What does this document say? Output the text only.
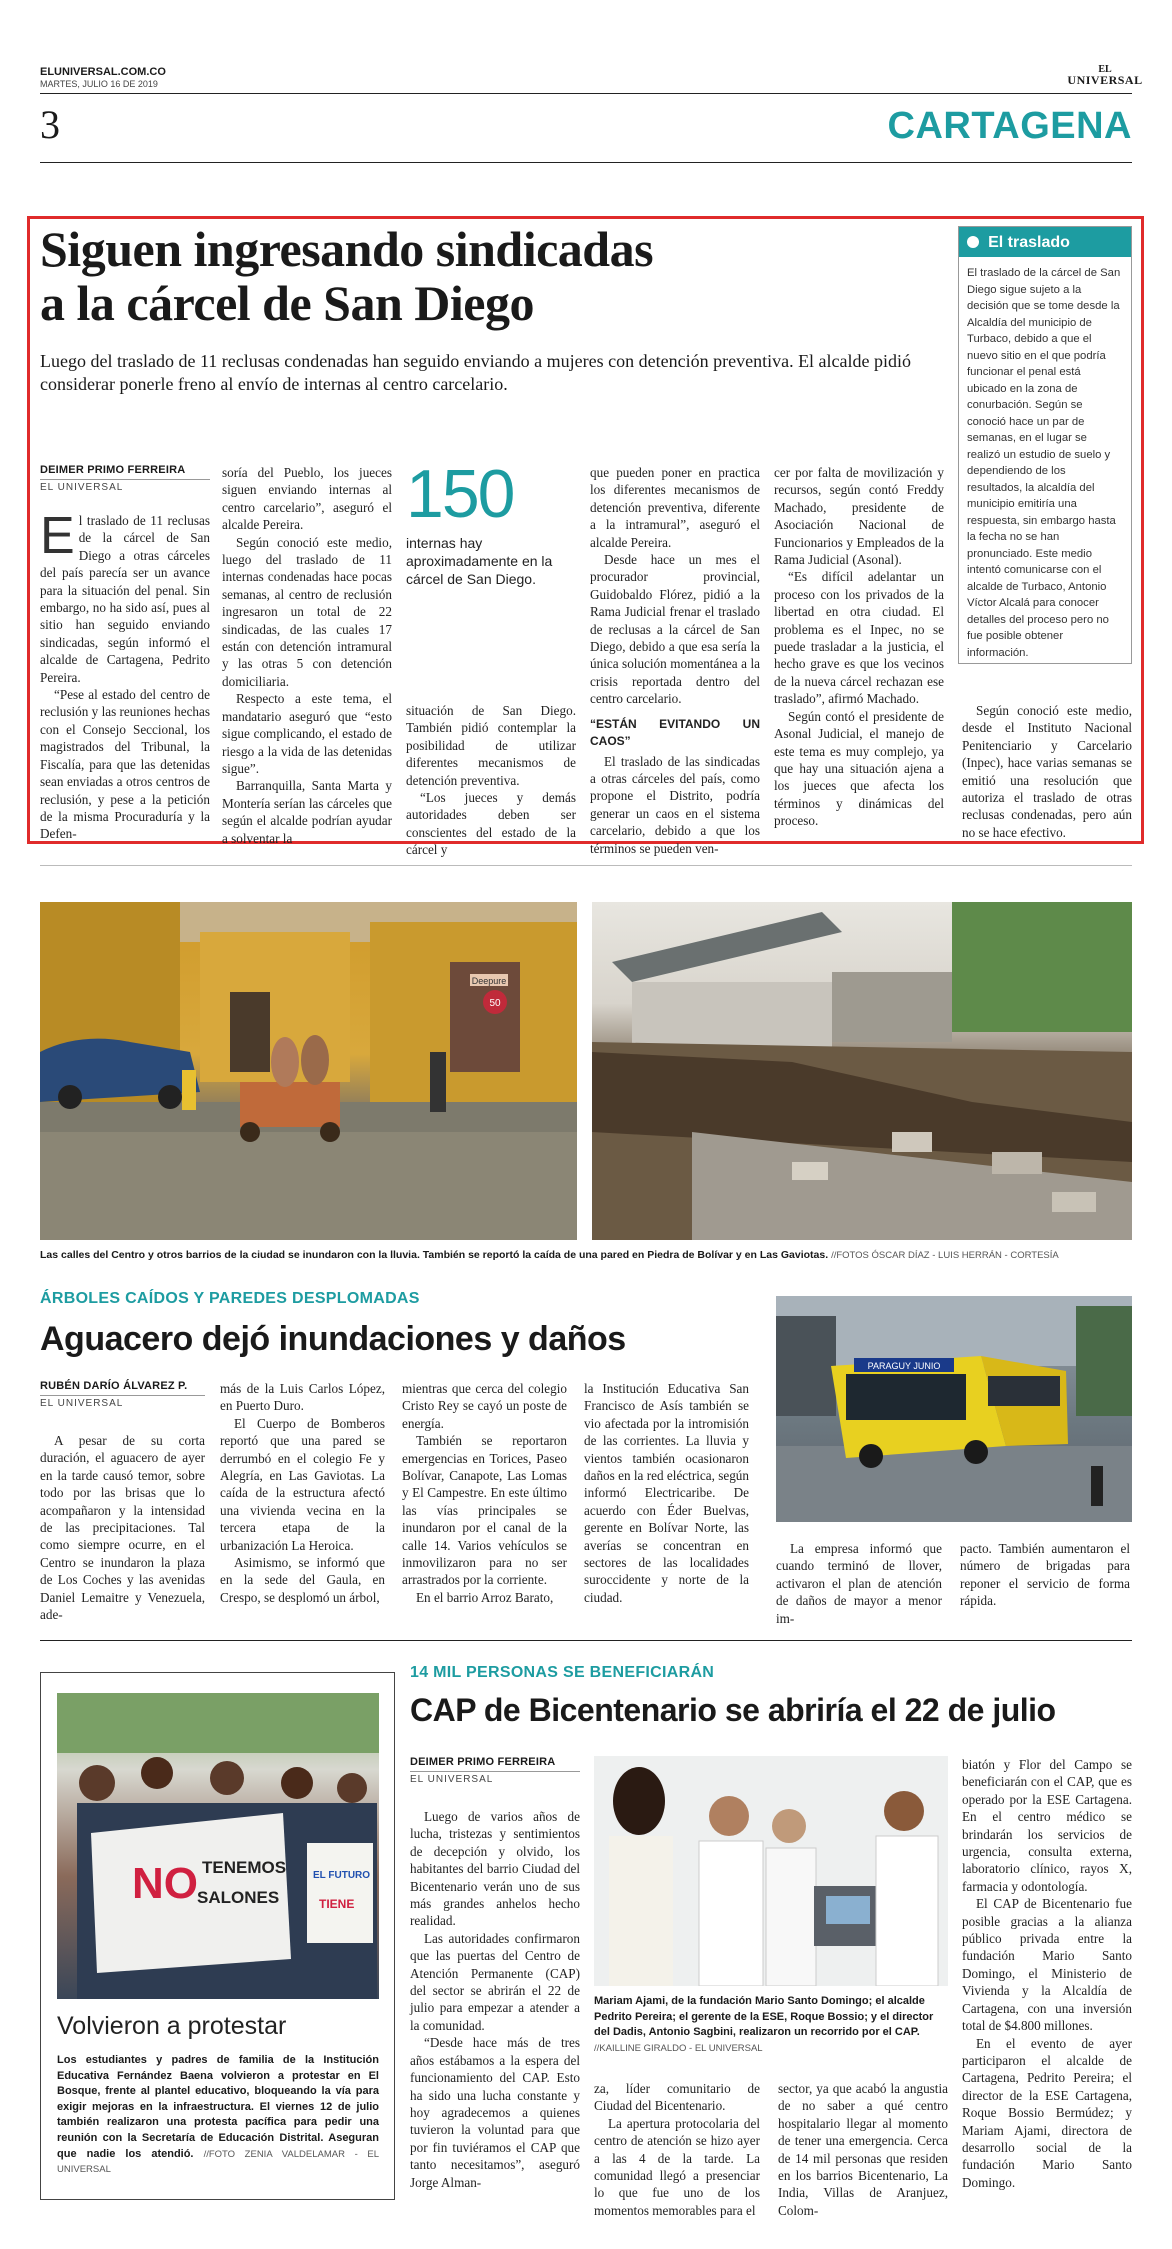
ELUNIVERSAL.COM.CO
MARTES, JULIO 16 DE 2019
EL
UNIVERSAL
3	CARTAGENA
Siguen ingresando sindicadas
a la cárcel de San Diego
Luego del traslado de 11 reclusas condenadas han seguido enviando a mujeres con detención preventiva. El alcalde pidió considerar ponerle freno al envío de internas al centro carcelario.
DEIMER PRIMO FERREIRA
EL UNIVERSAL

El traslado de 11 reclusas de la cárcel de San Diego a otras cárceles del país parecía ser un avance para la situación del penal. Sin embargo, no ha sido así, pues al sitio han seguido enviando sindicadas, según informó el alcalde de Cartagena, Pedrito Pereira.

“Pese al estado del centro de reclusión y las reuniones hechas con el Consejo Seccional, los magistrados del Tribunal, la Fiscalía, para que las detenidas sean enviadas a otros centros de reclusión, y pese a la petición de la misma Procuraduría y la Defen-

soría del Pueblo, los jueces siguen enviando internas al centro carcelario”, aseguró el alcalde Pereira.

Según conoció este medio, luego del traslado de 11 internas condenadas hace pocas semanas, al centro de reclusión ingresaron un total de 22 sindicadas, de las cuales 17 están con detención intramural y las otras 5 con detención domiciliaria.

Respecto a este tema, el mandatario aseguró que “esto sigue complicando, el estado de riesgo a la vida de las detenidas sigue”.

Barranquilla, Santa Marta y Montería serían las cárceles que según el alcalde podrían ayudar a solventar la

150
internas hay aproximadamente en la cárcel de San Diego.

situación de San Diego. También pidió contemplar la posibilidad de utilizar diferentes mecanismos de detención preventiva.

“Los jueces y demás autoridades deben ser conscientes del estado de la cárcel y

que pueden poner en practica los diferentes mecanismos de detención preventiva, diferente a la intramural”, aseguró el alcalde Pereira.

Desde hace un mes el procurador provincial, Guidobaldo Flórez, pidió a la Rama Judicial frenar el traslado de reclusas a la cárcel de San Diego, debido a que esa sería la única solución momentánea a la crisis reportada dentro del centro carcelario.

“ESTÁN EVITANDO UN CAOS”

El traslado de las sindicadas a otras cárceles del país, como propone el Distrito, podría generar un caos en el sistema carcelario, debido a que los términos se pueden ven-

cer por falta de movilización y recursos, según contó Freddy Machado, presidente de Asociación Nacional de Funcionarios y Empleados de la Rama Judicial (Asonal).

“Es difícil adelantar un proceso con los privados de la libertad en otra ciudad. El problema es el Inpec, no se puede trasladar a la justicia, el hecho grave es que los vecinos de la nueva cárcel rechazan ese traslado”, afirmó Machado.

Según contó el presidente de Asonal Judicial, el manejo de este tema es muy complejo, ya que hay una situación ajena a los jueces que afecta los términos y dinámicas del proceso.

El traslado
El traslado de la cárcel de San Diego sigue sujeto a la decisión que se tome desde la Alcaldía del municipio de Turbaco, debido a que el nuevo sitio en el que podría funcionar el penal está ubicado en la zona de conurbación. Según se conoció hace un par de semanas, en el lugar se realizó un estudio de suelo y dependiendo de los resultados, la alcaldía del municipio emitiría una respuesta, sin embargo hasta la fecha no se han pronunciado. Este medio intentó comunicarse con el alcalde de Turbaco, Antonio Víctor Alcalá para conocer detalles del proceso pero no fue posible obtener información.

Según conoció este medio, desde el Instituto Nacional Penitenciario y Carcelario (Inpec), hace varias semanas se emitió una resolución que autoriza el traslado de otras reclusas condenadas, pero aún no se hace efectivo.

Deepure
50
Las calles del Centro y otros barrios de la ciudad se inundaron con la lluvia. También se reportó la caída de una pared en Piedra de Bolívar y en Las Gaviotas. //FOTOS ÓSCAR DÍAZ - LUIS HERRÁN - CORTESÍA
ÁRBOLES CAÍDOS Y PAREDES DESPLOMADAS
Aguacero dejó inundaciones y daños
RUBÉN DARÍO ÁLVAREZ P.
EL UNIVERSAL

A pesar de su corta duración, el aguacero de ayer en la tarde causó temor, sobre todo por las brisas que lo acompañaron y la intensidad de las precipitaciones. Tal como siempre ocurre, en el Centro se inundaron la plaza de Los Coches y las avenidas Daniel Lemaitre y Venezuela, ade-

más de la Luis Carlos López, en Puerto Duro.

El Cuerpo de Bomberos reportó que una pared se derrumbó en el colegio Fe y Alegría, en Las Gaviotas. La caída de la estructura afectó una vivienda vecina en la tercera etapa de la urbanización La Heroica.

Asimismo, se informó que en la sede del Gaula, en Crespo, se desplomó un árbol,

mientras que cerca del colegio Cristo Rey se cayó un poste de energía.

También se reportaron emergencias en Torices, Paseo Bolívar, Canapote, Las Lomas y El Campestre. En este último las vías principales se inundaron por el canal de la calle 14. Varios vehículos se inmovilizaron para no ser arrastrados por la corriente.

En el barrio Arroz Barato,

la Institución Educativa San Francisco de Asís también se vio afectada por la intromisión de las corrientes. La lluvia y vientos también ocasionaron daños en la red eléctrica, según informó Electricaribe. De acuerdo con Éder Buelvas, gerente en Bolívar Norte, las averías se concentran en sectores de las localidades suroccidente y norte de la ciudad.

PARAGUY JUNIO

La empresa informó que cuando terminó de llover, activaron el plan de atención de daños de mayor a menor im-

pacto. También aumentaron el número de brigadas para reponer el servicio de forma rápida.

NO TENEMOS
SALONES
EL FUTURO
TIENE
Volvieron a protestar
Los estudiantes y padres de familia de la Institución Educativa Fernández Baena volvieron a protestar en El Bosque, frente al plantel educativo, bloqueando la vía para exigir mejoras en la infraestructura. El viernes 12 de julio también realizaron una protesta pacífica para pedir una reunión con la Secretaría de Educación Distrital. Aseguran que nadie los atendió. //FOTO ZENIA VALDELAMAR - EL UNIVERSAL
14 MIL PERSONAS SE BENEFICIARÁN
CAP de Bicentenario se abriría el 22 de julio
DEIMER PRIMO FERREIRA
EL UNIVERSAL

Luego de varios años de lucha, tristezas y sentimientos de decepción y olvido, los habitantes del barrio Ciudad del Bicentenario verán uno de sus más grandes anhelos hecho realidad.

Las autoridades confirmaron que las puertas del Centro de Atención Permanente (CAP) del sector se abrirán el 22 de julio para empezar a atender a la comunidad.

“Desde hace más de tres años estábamos a la espera del funcionamiento del CAP. Esto ha sido una lucha constante y hoy agradecemos a quienes tuvieron la voluntad para que por fin tuviéramos el CAP que tanto necesitamos”, aseguró Jorge Alman-

Mariam Ajami, de la fundación Mario Santo Domingo; el alcalde Pedrito Pereira; el gerente de la ESE, Roque Bossio; y el director del Dadis, Antonio Sagbini, realizaron un recorrido por el CAP.
//KAILLINE GIRALDO - EL UNIVERSAL

za, líder comunitario de Ciudad del Bicentenario.

La apertura protocolaria del centro de atención se hizo ayer a las 4 de la tarde. La comunidad llegó a presenciar lo que fue uno de los momentos memorables para el

sector, ya que acabó la angustia de no saber a qué centro hospitalario llegar al momento de tener una emergencia. Cerca de 14 mil personas que residen en los barrios Bicentenario, La India, Villas de Aranjuez, Colom-

biatón y Flor del Campo se beneficiarán con el CAP, que es operado por la ESE Cartagena. En el centro médico se brindarán los servicios de urgencia, consulta externa, laboratorio clínico, rayos X, farmacia y odontología.

El CAP de Bicentenario fue posible gracias a la alianza público privada entre la fundación Mario Santo Domingo, el Ministerio de Vivienda y la Alcaldía de Cartagena, con una inversión total de $4.800 millones.

En el evento de ayer participaron el alcalde de Cartagena, Pedrito Pereira; el director de la ESE Cartagena, Roque Bossio Bermúdez; y Mariam Ajami, directora de desarrollo social de la fundación Mario Santo Domingo.
